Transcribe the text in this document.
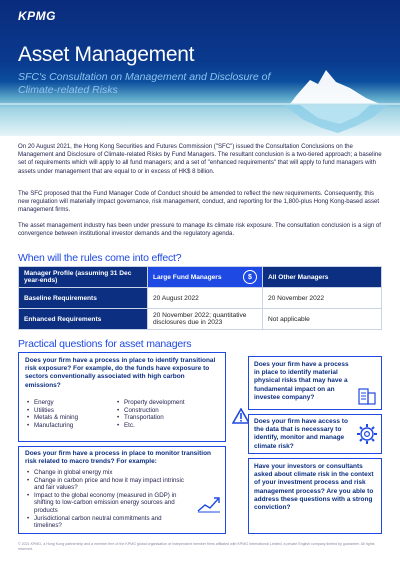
KPMG
Asset Management
SFC's Consultation on Management and Disclosure of Climate-related Risks

On 20 August 2021, the Hong Kong Securities and Futures Commission ("SFC") issued the Consultation Conclusions on the Management and Disclosure of Climate-related Risks by Fund Managers. The resultant conclusion is a two-tiered approach; a baseline set of requirements which will apply to all fund managers; and a set of "enhanced requirements" that will apply to fund managers with assets under management that are equal to or in excess of HK$ 8 billion.

The SFC proposed that the Fund Manager Code of Conduct should be amended to reflect the new requirements. Consequently, this new regulation will materially impact governance, risk management, conduct, and reporting for the 1,800-plus Hong Kong-based asset management firms.

The asset management industry has been under pressure to manage its climate risk exposure. The consultation conclusion is a sign of convergence between institutional investor demands and the regulatory agenda.

When will the rules come into effect?
Manager Profile (assuming 31 Dec year-ends)	Large Fund Managers $	All Other Managers
Baseline Requirements	20 August 2022	20 November 2022
Enhanced Requirements	20 November 2022; quantitative disclosures due in 2023	Not applicable
Practical questions for asset managers
Does your firm have a process in place to identify transitional risk exposure? For example, do the funds have exposure to sectors conventionally associated with high carbon emissions?
• Energy
• Utilities
• Metals & mining
• Manufacturing
• Property development
• Construction
• Transportation
• Etc.
Does your firm have a process in place to monitor transition risk related to macro trends? For example:
• Change in global energy mix
• Change in carbon price and how it may impact intrinsic and fair values?
• Impact to the global economy (measured in GDP) in shifting to low-carbon emission energy sources and products
• Jurisdictional carbon neutral commitments and timelines?
Does your firm have a process in place to identify material physical risks that may have a fundamental impact on an investee company?
Does your firm have access to the data that is necessary to identify, monitor and manage climate risk?
Have your investors or consultants asked about climate risk in the context of your investment process and risk management process? Are you able to address these questions with a strong conviction?
© 2021 KPMG, a Hong Kong partnership and a member firm of the KPMG global organisation of independent member firms affiliated with KPMG International Limited, a private English company limited by guarantee. All rights reserved.
